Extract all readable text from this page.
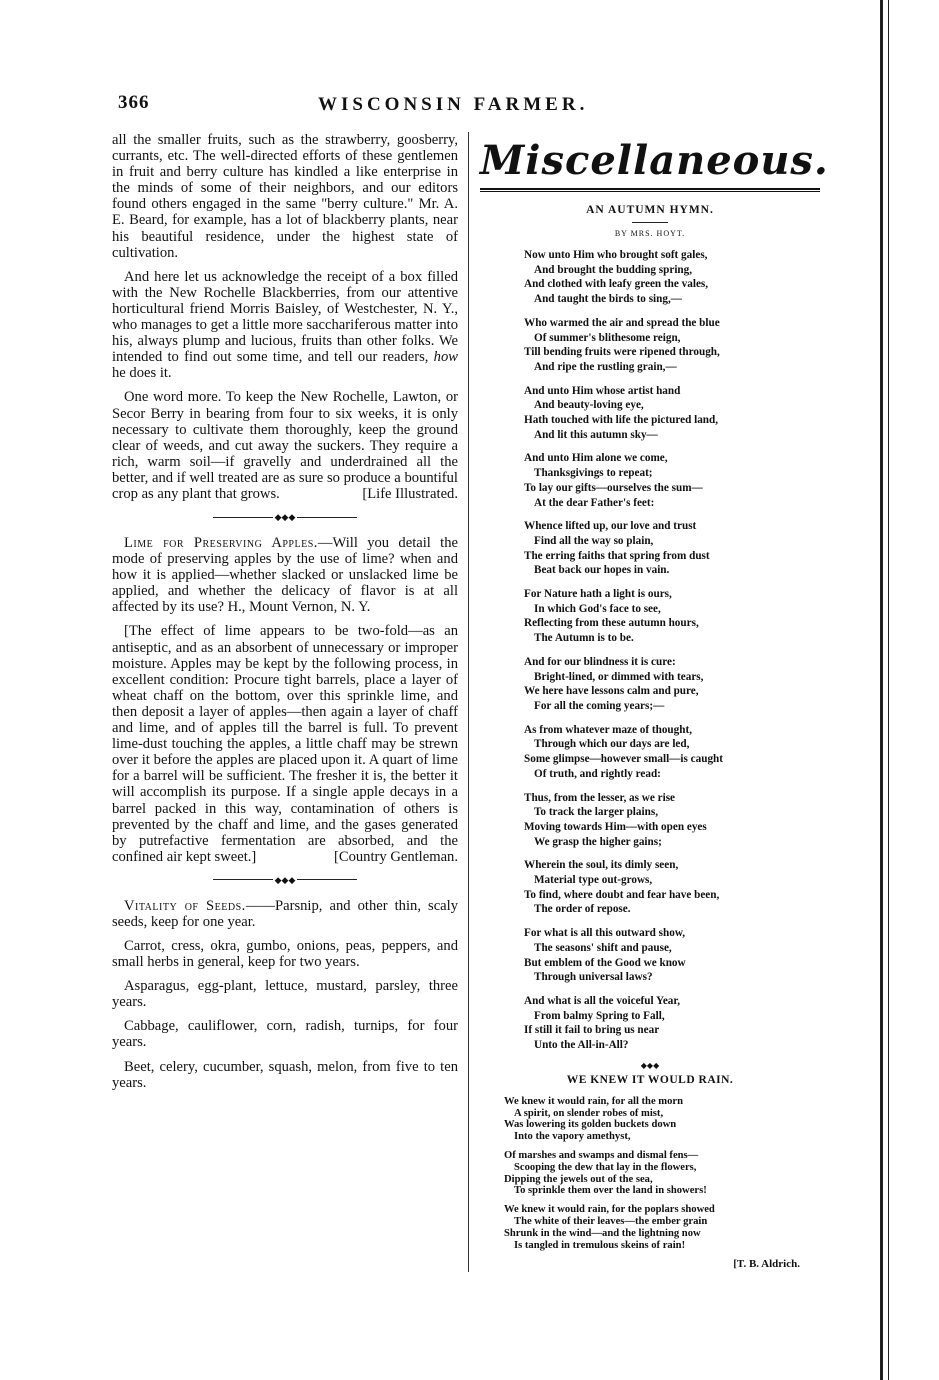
366	WISCONSIN FARMER.

all the smaller fruits, such as the strawberry, goosberry, currants, etc. The well-directed efforts of these gentlemen in fruit and berry culture has kindled a like enterprise in the minds of some of their neighbors, and our editors found others engaged in the same "berry culture." Mr. A. E. Beard, for example, has a lot of blackberry plants, near his beautiful residence, under the highest state of cultivation.

And here let us acknowledge the receipt of a box filled with the New Rochelle Blackberries, from our attentive horticultural friend Morris Baisley, of Westchester, N. Y., who manages to get a little more sacchariferous matter into his, always plump and lucious, fruits than other folks. We intended to find out some time, and tell our readers, how he does it.

One word more. To keep the New Rochelle, Lawton, or Secor Berry in bearing from four to six weeks, it is only necessary to cultivate them thoroughly, keep the ground clear of weeds, and cut away the suckers. They require a rich, warm soil—if gravelly and underdrained all the better, and if well treated are as sure so produce a bountiful crop as any plant that grows.	[Life Illustrated.

◆◆◆

Lime for Preserving Apples.—Will you detail the mode of preserving apples by the use of lime? when and how it is applied—whether slacked or unslacked lime be applied, and whether the delicacy of flavor is at all affected by its use? H., Mount Vernon, N. Y.

[The effect of lime appears to be two-fold—as an antiseptic, and as an absorbent of unnecessary or improper moisture. Apples may be kept by the following process, in excellent condition: Procure tight barrels, place a layer of wheat chaff on the bottom, over this sprinkle lime, and then deposit a layer of apples—then again a layer of chaff and lime, and of apples till the barrel is full. To prevent lime-dust touching the apples, a little chaff may be strewn over it before the apples are placed upon it. A quart of lime for a barrel will be sufficient. The fresher it is, the better it will accomplish its purpose. If a single apple decays in a barrel packed in this way, contamination of others is prevented by the chaff and lime, and the gases generated by putrefactive fermentation are absorbed, and the confined air kept sweet.]	[Country Gentleman.

◆◆◆

Vitality of Seeds.——Parsnip, and other thin, scaly seeds, keep for one year.

Carrot, cress, okra, gumbo, onions, peas, peppers, and small herbs in general, keep for two years.

Asparagus, egg-plant, lettuce, mustard, parsley, three years.

Cabbage, cauliflower, corn, radish, turnips, for four years.

Beet, celery, cucumber, squash, melon, from five to ten years.

Miscellaneous.
AN AUTUMN HYMN.
BY MRS. HOYT.
Now unto Him who brought soft gales,
And brought the budding spring,
And clothed with leafy green the vales,
And taught the birds to sing,—
Who warmed the air and spread the blue
Of summer's blithesome reign,
Till bending fruits were ripened through,
And ripe the rustling grain,—
And unto Him whose artist hand
And beauty-loving eye,
Hath touched with life the pictured land,
And lit this autumn sky—
And unto Him alone we come,
Thanksgivings to repeat;
To lay our gifts—ourselves the sum—
At the dear Father's feet:
Whence lifted up, our love and trust
Find all the way so plain,
The erring faiths that spring from dust
Beat back our hopes in vain.
For Nature hath a light is ours,
In which God's face to see,
Reflecting from these autumn hours,
The Autumn is to be.
And for our blindness it is cure:
Bright-lined, or dimmed with tears,
We here have lessons calm and pure,
For all the coming years;—
As from whatever maze of thought,
Through which our days are led,
Some glimpse—however small—is caught
Of truth, and rightly read:
Thus, from the lesser, as we rise
To track the larger plains,
Moving towards Him—with open eyes
We grasp the higher gains;
Wherein the soul, its dimly seen,
Material type out-grows,
To find, where doubt and fear have been,
The order of repose.
For what is all this outward show,
The seasons' shift and pause,
But emblem of the Good we know
Through universal laws?
And what is all the voiceful Year,
From balmy Spring to Fall,
If still it fail to bring us near
Unto the All-in-All?
◆◆◆
WE KNEW IT WOULD RAIN.
We knew it would rain, for all the morn
A spirit, on slender robes of mist,
Was lowering its golden buckets down
Into the vapory amethyst,
Of marshes and swamps and dismal fens—
Scooping the dew that lay in the flowers,
Dipping the jewels out of the sea,
To sprinkle them over the land in showers!
We knew it would rain, for the poplars showed
The white of their leaves—the ember grain
Shrunk in the wind—and the lightning now
Is tangled in tremulous skeins of rain!
[T. B. Aldrich.
